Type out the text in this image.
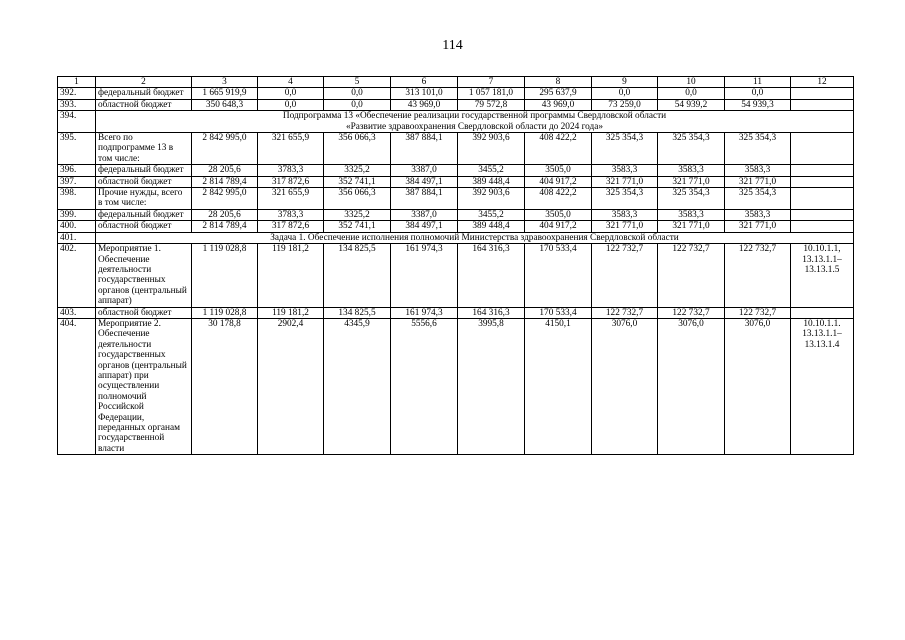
114
1	2	3	4	5	6	7	8	9	10	11	12
392.	федеральный бюджет	1 665 919,9	0,0	0,0	313 101,0	1 057 181,0	295 637,9	0,0	0,0	0,0	
393.	областной бюджет	350 648,3	0,0	0,0	43 969,0	79 572,8	43 969,0	73 259,0	54 939,2	54 939,3	
394.	Подпрограмма 13 «Обеспечение реализации государственной программы Свердловской области
«Развитие здравоохранения Свердловской области до 2024 года»										

395.	Всего по подпрограмме 13 в том числе:	2 842 995,0	321 655,9	356 066,3	387 884,1	392 903,6	408 422,2	325 354,3	325 354,3	325 354,3	
396.	федеральный бюджет	28 205,6	3783,3	3325,2	3387,0	3455,2	3505,0	3583,3	3583,3	3583,3	
397.	областной бюджет	2 814 789,4	317 872,6	352 741,1	384 497,1	389 448,4	404 917,2	321 771,0	321 771,0	321 771,0	
398.	Прочие нужды, всего в том числе:	2 842 995,0	321 655,9	356 066,3	387 884,1	392 903,6	408 422,2	325 354,3	325 354,3	325 354,3	
399.	федеральный бюджет	28 205,6	3783,3	3325,2	3387,0	3455,2	3505,0	3583,3	3583,3	3583,3	
400.	областной бюджет	2 814 789,4	317 872,6	352 741,1	384 497,1	389 448,4	404 917,2	321 771,0	321 771,0	321 771,0	
401.	Задача 1. Обеспечение исполнения полномочий Министерства здравоохранения Свердловской области										

402.	Мероприятие 1. Обеспечение деятельности государственных органов (центральный аппарат)	1 119 028,8	119 181,2	134 825,5	161 974,3	164 316,3	170 533,4	122 732,7	122 732,7	122 732,7	10.10.1.1, 13.13.1.1– 13.13.1.5
403.	областной бюджет	1 119 028,8	119 181,2	134 825,5	161 974,3	164 316,3	170 533,4	122 732,7	122 732,7	122 732,7	
404.	Мероприятие 2. Обеспечение деятельности государственных органов (центральный аппарат) при осуществлении полномочий Российской Федерации, переданных органам государственной власти	30 178,8	2902,4	4345,9	5556,6	3995,8	4150,1	3076,0	3076,0	3076,0	10.10.1.1. 13.13.1.1– 13.13.1.4
